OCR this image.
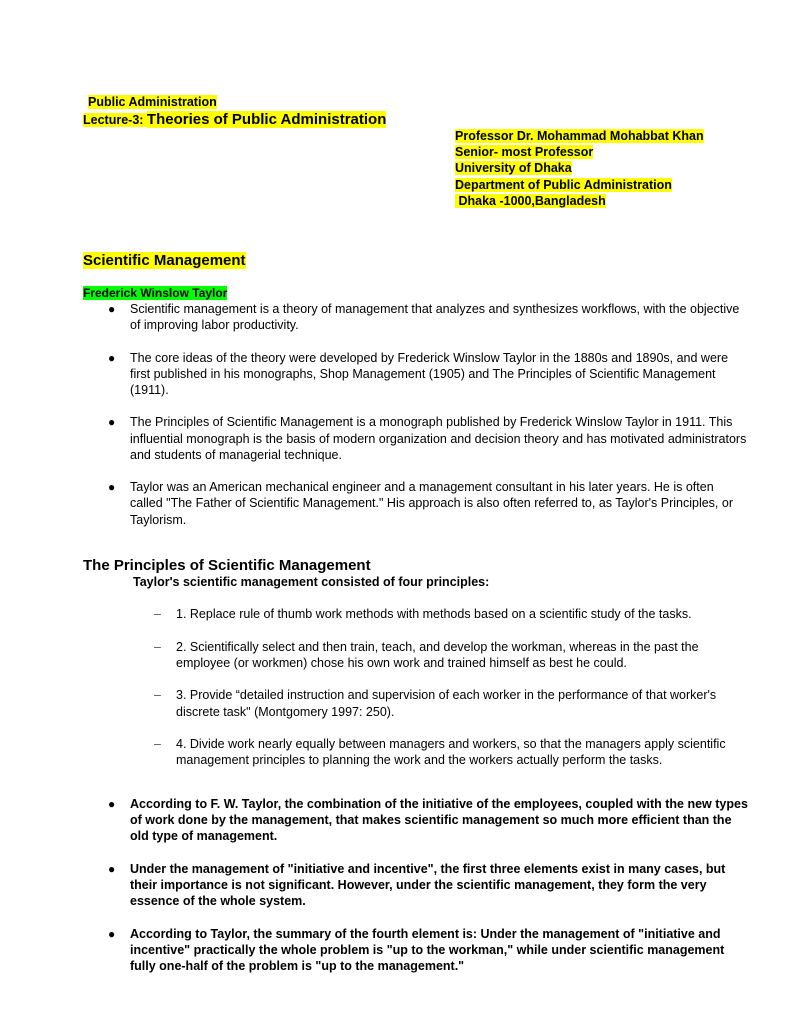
Public Administration
Lecture-3: Theories of Public Administration
Professor Dr. Mohammad Mohabbat Khan
Senior- most Professor
University of Dhaka
Department of Public Administration
Dhaka -1000,Bangladesh
Scientific Management
Frederick Winslow Taylor
● Scientific management is a theory of management that analyzes and synthesizes workflows, with the objective of improving labor productivity.
● The core ideas of the theory were developed by Frederick Winslow Taylor in the 1880s and 1890s, and were first published in his monographs, Shop Management (1905) and The Principles of Scientific Management (1911).
● The Principles of Scientific Management is a monograph published by Frederick Winslow Taylor in 1911. This influential monograph is the basis of modern organization and decision theory and has motivated administrators and students of managerial technique.
● Taylor was an American mechanical engineer and a management consultant in his later years. He is often called "The Father of Scientific Management." His approach is also often referred to, as Taylor's Principles, or Taylorism.
The Principles of Scientific Management
Taylor's scientific management consisted of four principles:
– 1. Replace rule of thumb work methods with methods based on a scientific study of the tasks.
– 2. Scientifically select and then train, teach, and develop the workman, whereas in the past the employee (or workmen) chose his own work and trained himself as best he could.
– 3. Provide “detailed instruction and supervision of each worker in the performance of that worker's discrete task" (Montgomery 1997: 250).
– 4. Divide work nearly equally between managers and workers, so that the managers apply scientific management principles to planning the work and the workers actually perform the tasks.
● According to F. W. Taylor, the combination of the initiative of the employees, coupled with the new types of work done by the management, that makes scientific management so much more efficient than the old type of management.
● Under the management of "initiative and incentive", the first three elements exist in many cases, but their importance is not significant. However, under the scientific management, they form the very essence of the whole system.
● According to Taylor, the summary of the fourth element is: Under the management of "initiative and incentive" practically the whole problem is "up to the workman," while under scientific management fully one-half of the problem is "up to the management."
